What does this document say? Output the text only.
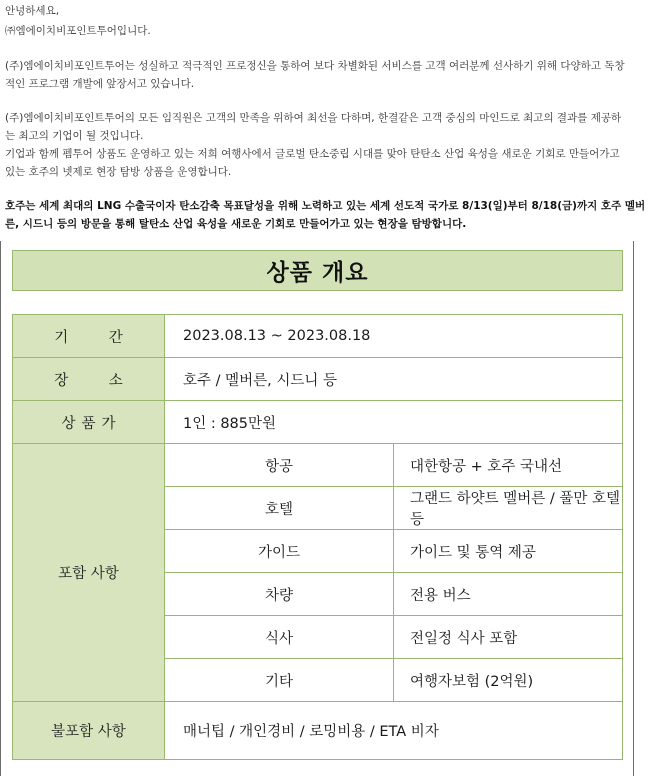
안녕하세요,
㈜엠에이치비포인트투어입니다.
(주)엠에이치비포인트투어는 성실하고 적극적인 프로정신을 통하여 보다 차별화된 서비스를 고객 여러분께 선사하기 위해 다양하고 독창
적인 프로그램 개발에 앞장서고 있습니다.
(주)엠에이치비포인트투어의 모든 임직원은 고객의 만족을 위하여 최선을 다하며, 한결같은 고객 중심의 마인드로 최고의 결과를 제공하
는 최고의 기업이 될 것입니다.
기업과 함께 펨투어 상품도 운영하고 있는 저희 여행사에서 글로벌 탄소중립 시대를 맞아 탄탄소 산업 육성을 새로운 기회로 만들어가고
있는 호주의 넷제로 현장 탐방 상품을 운영합니다.
호주는 세계 최대의 LNG 수출국이자 탄소감축 목표달성을 위해 노력하고 있는 세계 선도적 국가로 8/13(일)부터 8/18(금)까지 호주 멜버
른, 시드니 등의 방문을 통해 탈탄소 산업 육성을 새로운 기회로 만들어가고 있는 현장을 탐방합니다.
상품 개요
기 간	2023.08.13 ~ 2023.08.18	
장 소	호주 / 멜버른, 시드니 등	
상품가	1인 : 885만원	
포함 사항	항공	대한항공 + 호주 국내선
	호텔	그랜드 하얏트 멜버른 / 풀만 호텔 등
	가이드	가이드 및 통역 제공
	차량	전용 버스
	식사	전일정 식사 포함
	기타	여행자보험 (2억원)
불포함 사항	매너팁 / 개인경비 / 로밍비용 / ETA 비자	
